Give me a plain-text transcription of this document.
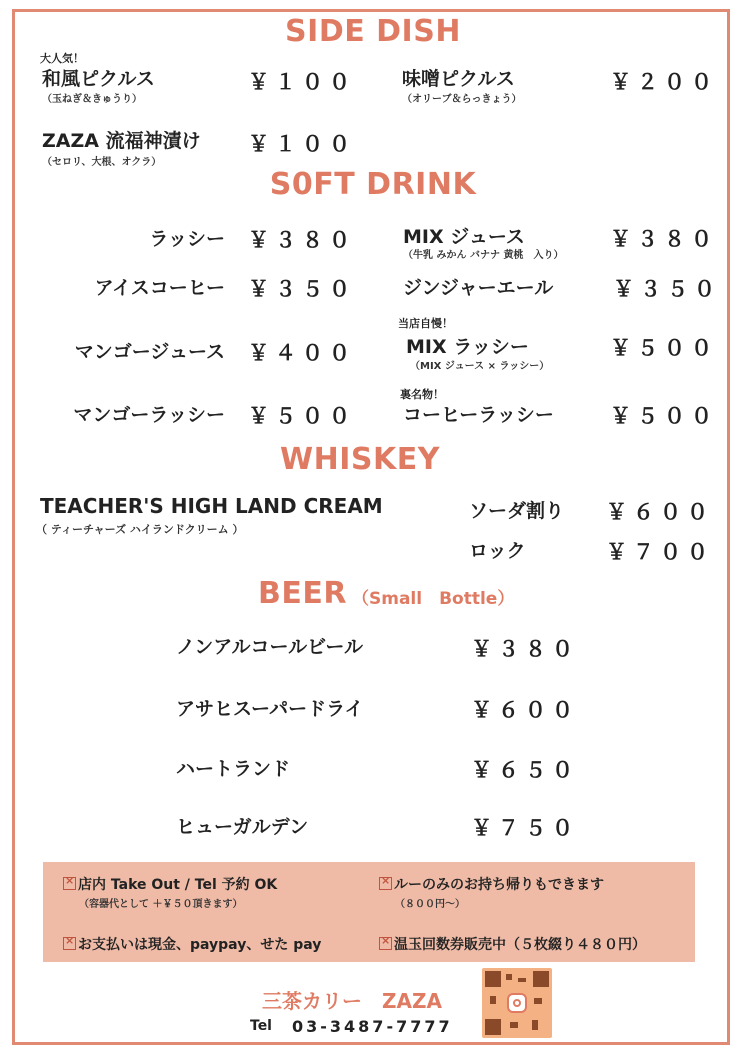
SIDE DISH
大人気！
和風ピクルス
（玉ねぎ＆きゅうり）
￥１００ 味噌ピクルス
（オリーブ＆らっきょう）
￥２００
ZAZA 流福神漬け
（セロリ、大根、オクラ）
￥１００
S0FT DRINK
ラッシー ￥３８０
アイスコーヒー ￥３５０
マンゴージュース ￥４００
マンゴーラッシー ￥５００
MIX ジュース
（牛乳 みかん バナナ 黄桃　入り）
￥３８０
ジンジャーエール	￥３５０
当店自慢！
MIX ラッシー
（MIX ジュース × ラッシー）
￥５００
裏名物！
コーヒーラッシー	￥５００
WHISKEY
TEACHER'S HIGH LAND CREAM
（ ティーチャーズ ハイランドクリーム ）
ソーダ割り ￥６００
ロック	￥７００
BEER （Small　Bottle）
ノンアルコールビール	￥３８０
アサヒスーパードライ	￥６００
ハートランド	￥６５０
ヒューガルデン	￥７５０
×店内 Take Out / Tel 予約 OK
（容器代として ＋￥５０頂きます）
×ルーのみのお持ち帰りもできます
（８００円〜）
×お支払いは現金、paypay、せた pay
×	温玉回数券販売中（５枚綴り４８０円）
三茶カリー　ZAZA
Tel 03-3487-7777
